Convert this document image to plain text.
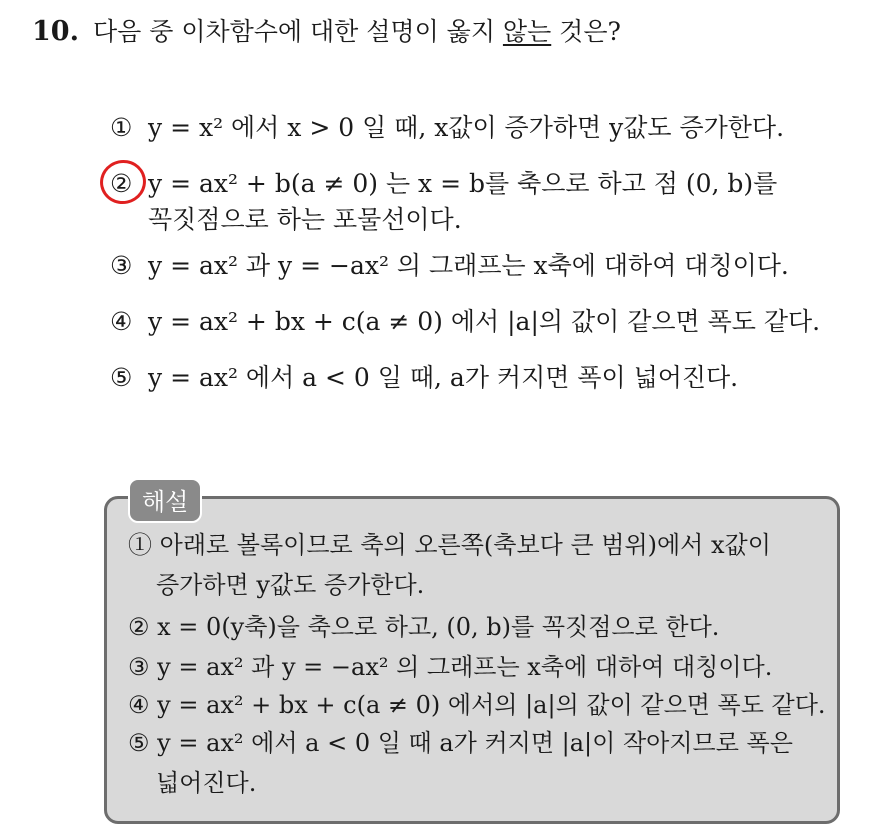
10. 다음 중 이차함수에 대한 설명이 옳지 않는 것은?
① y = x² 에서 x > 0 일 때, x값이 증가하면 y값도 증가한다.
② y = ax² + b(a ≠ 0) 는 x = b를 축으로 하고 점 (0, b)를
꼭짓점으로 하는 포물선이다.
③ y = ax² 과 y = −ax² 의 그래프는 x축에 대하여 대칭이다.
④ y = ax² + bx + c(a ≠ 0) 에서 |a|의 값이 같으면 폭도 같다.
⑤ y = ax² 에서 a < 0 일 때, a가 커지면 폭이 넓어진다.
해설
① 아래로 볼록이므로 축의 오른쪽(축보다 큰 범위)에서 x값이
증가하면 y값도 증가한다.
② x = 0(y축)을 축으로 하고, (0, b)를 꼭짓점으로 한다.
③ y = ax² 과 y = −ax² 의 그래프는 x축에 대하여 대칭이다.
④ y = ax² + bx + c(a ≠ 0) 에서의 |a|의 값이 같으면 폭도 같다.
⑤ y = ax² 에서 a < 0 일 때 a가 커지면 |a|이 작아지므로 폭은
넓어진다.
